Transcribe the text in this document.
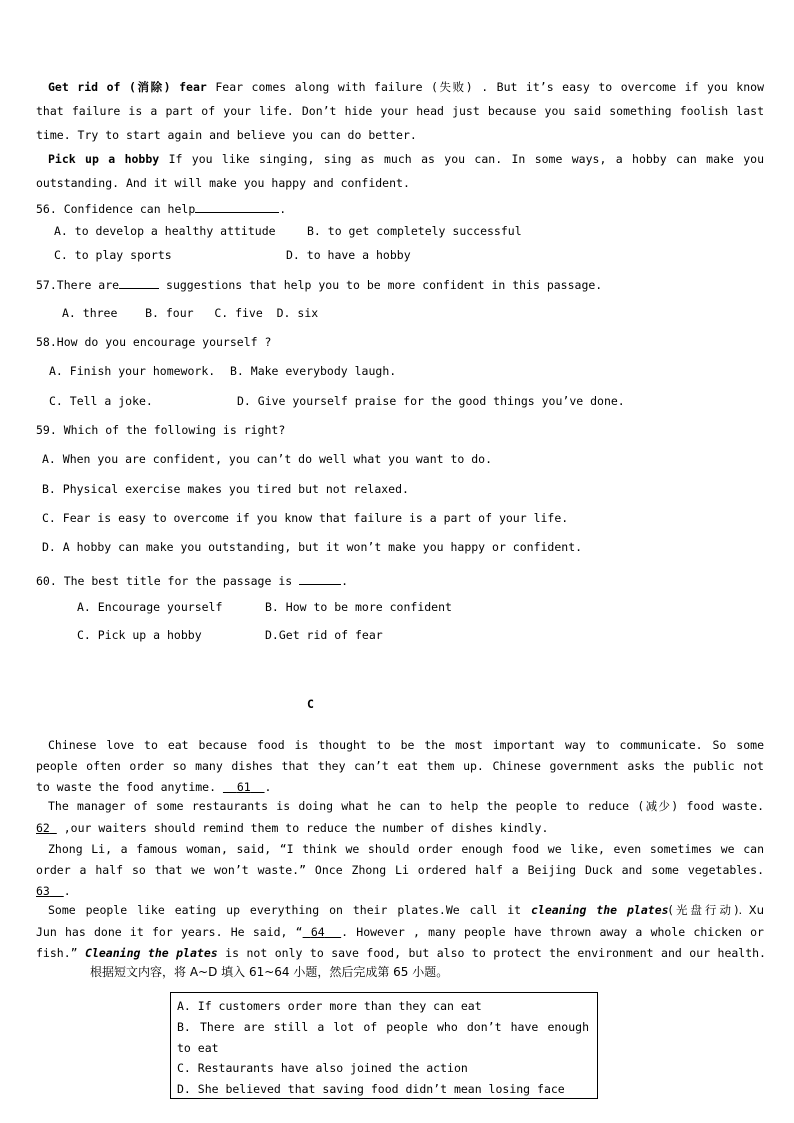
Get rid of (消除) fear Fear comes along with failure (失败) . But it’s easy to overcome if you know
that failure is a part of your life. Don’t hide your head just because you said something foolish last
time. Try to start again and believe you can do better.
Pick up a hobby If you like singing, sing as much as you can. In some ways, a hobby can make you
outstanding. And it will make you happy and confident.
56. Confidence can help	.
A. to develop a healthy attitude	B. to get completely successful
C. to play sports	D. to have a hobby
57.There are	suggestions that help you to be more confident in this passage.
A. three    B. four   C. five  D. six
58.How do you encourage yourself ?
A. Finish your homework. B. Make everybody laugh.
C. Tell a joke.	D. Give yourself praise for the good things you’ve done.
59. Which of the following is right?
A. When you are confident, you can’t do well what you want to do.
B. Physical exercise makes you tired but not relaxed.
C. Fear is easy to overcome if you know that failure is a part of your life.
D. A hobby can make you outstanding, but it won’t make you happy or confident.
60. The best title for the passage is	.
A. Encourage yourself	B. How to be more confident
C. Pick up a hobby	D.Get rid of fear
C
Chinese love to eat because food is thought to be the most important way to communicate. So some
people often order so many dishes that they can’t eat them up. Chinese government asks the public not
to waste the food anytime. 61 .
The manager of some restaurants is doing what he can to help the people to reduce (减少) food waste.
62 ,our waiters should remind them to reduce the number of dishes kindly.
Zhong Li, a famous woman, said, “I think we should order enough food we like, even sometimes we can
order a half so that we won’t waste.” Once Zhong Li ordered half a Beijing Duck and some vegetables.
63 .
Some people like eating up everything on their plates.We call it cleaning the plates(光盘行动). Xu
Jun has done it for years. He said, “ 64 . However , many people have thrown away a whole chicken or
fish.” Cleaning the plates is not only to save food, but also to protect the environment and our health.
根据短文内容，将 A~D 填入 61~64 小题，然后完成第 65 小题。
A. If customers order more than they can eat
B. There are still a lot of people who don’t have enough
to eat
C. Restaurants have also joined the action
D. She believed that saving food didn’t mean losing face
